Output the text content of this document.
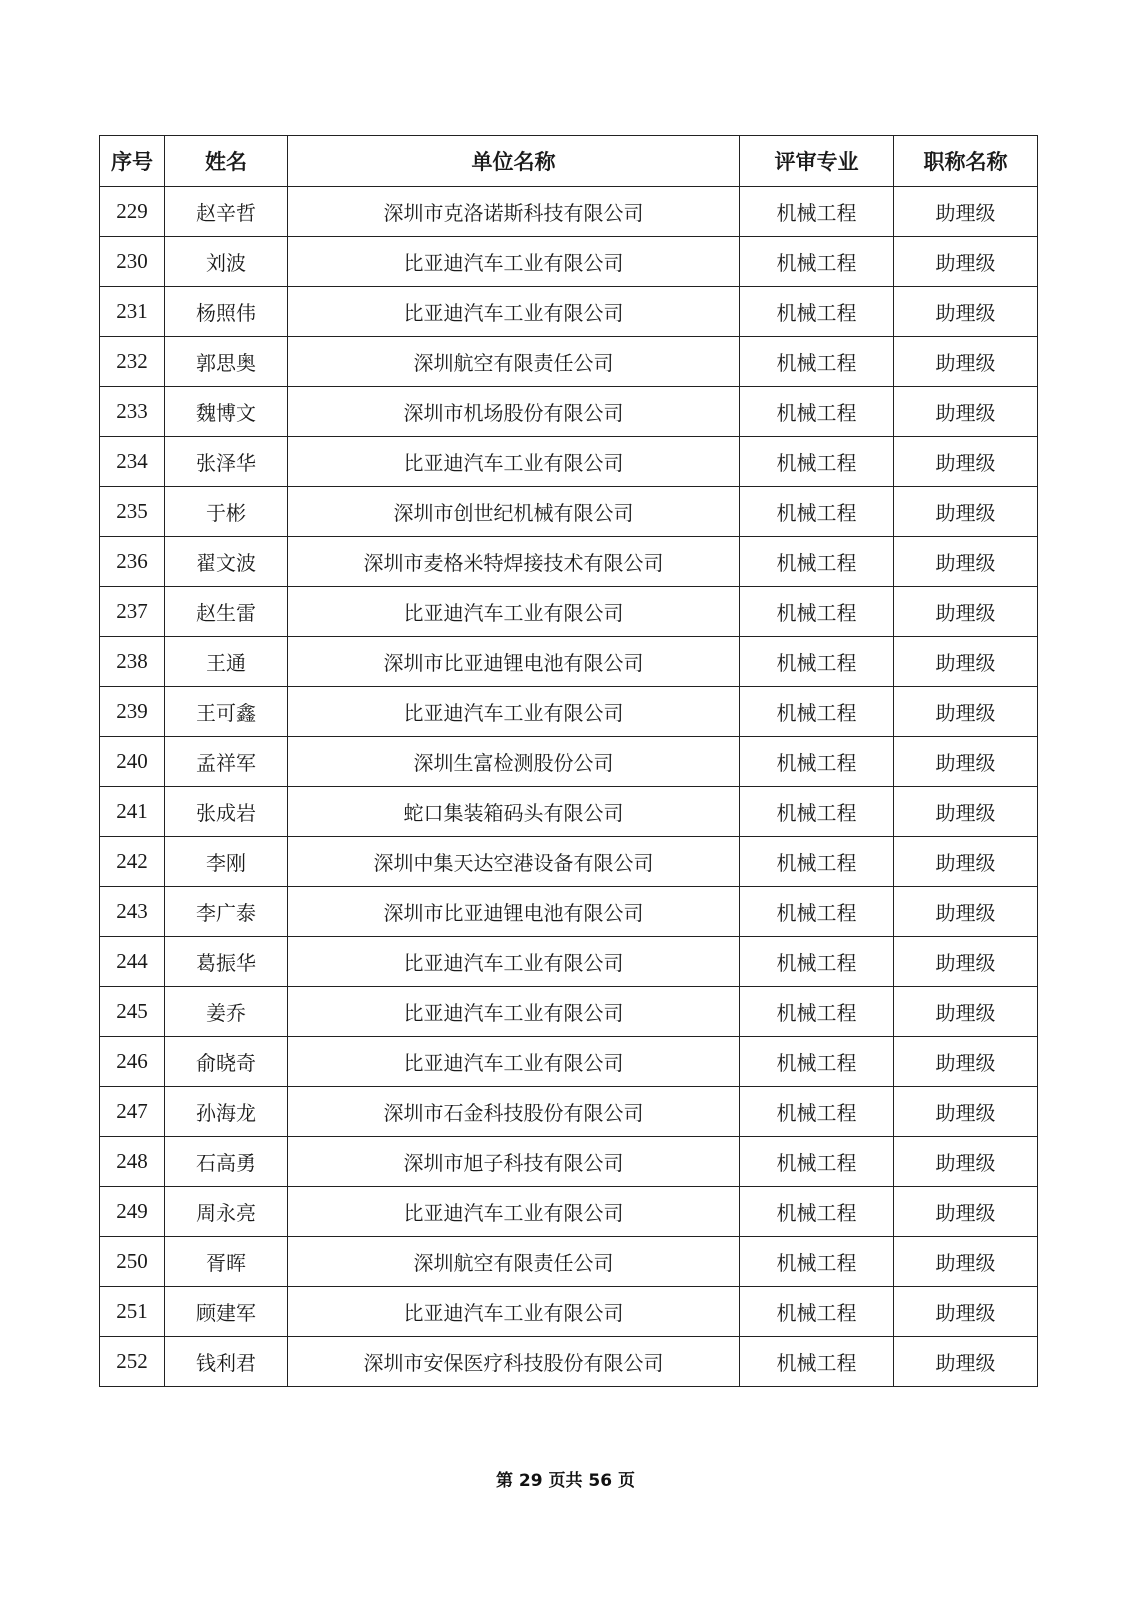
序号	姓名	单位名称	评审专业	职称名称
229	赵辛哲	深圳市克洛诺斯科技有限公司	机械工程	助理级
230	刘波	比亚迪汽车工业有限公司	机械工程	助理级
231	杨照伟	比亚迪汽车工业有限公司	机械工程	助理级
232	郭思奥	深圳航空有限责任公司	机械工程	助理级
233	魏博文	深圳市机场股份有限公司	机械工程	助理级
234	张泽华	比亚迪汽车工业有限公司	机械工程	助理级
235	于彬	深圳市创世纪机械有限公司	机械工程	助理级
236	翟文波	深圳市麦格米特焊接技术有限公司	机械工程	助理级
237	赵生雷	比亚迪汽车工业有限公司	机械工程	助理级
238	王通	深圳市比亚迪锂电池有限公司	机械工程	助理级
239	王可鑫	比亚迪汽车工业有限公司	机械工程	助理级
240	孟祥军	深圳生富检测股份公司	机械工程	助理级
241	张成岩	蛇口集装箱码头有限公司	机械工程	助理级
242	李刚	深圳中集天达空港设备有限公司	机械工程	助理级
243	李广泰	深圳市比亚迪锂电池有限公司	机械工程	助理级
244	葛振华	比亚迪汽车工业有限公司	机械工程	助理级
245	姜乔	比亚迪汽车工业有限公司	机械工程	助理级
246	俞晓奇	比亚迪汽车工业有限公司	机械工程	助理级
247	孙海龙	深圳市石金科技股份有限公司	机械工程	助理级
248	石高勇	深圳市旭子科技有限公司	机械工程	助理级
249	周永亮	比亚迪汽车工业有限公司	机械工程	助理级
250	胥晖	深圳航空有限责任公司	机械工程	助理级
251	顾建军	比亚迪汽车工业有限公司	机械工程	助理级
252	钱利君	深圳市安保医疗科技股份有限公司	机械工程	助理级
第 29 页共 56 页
